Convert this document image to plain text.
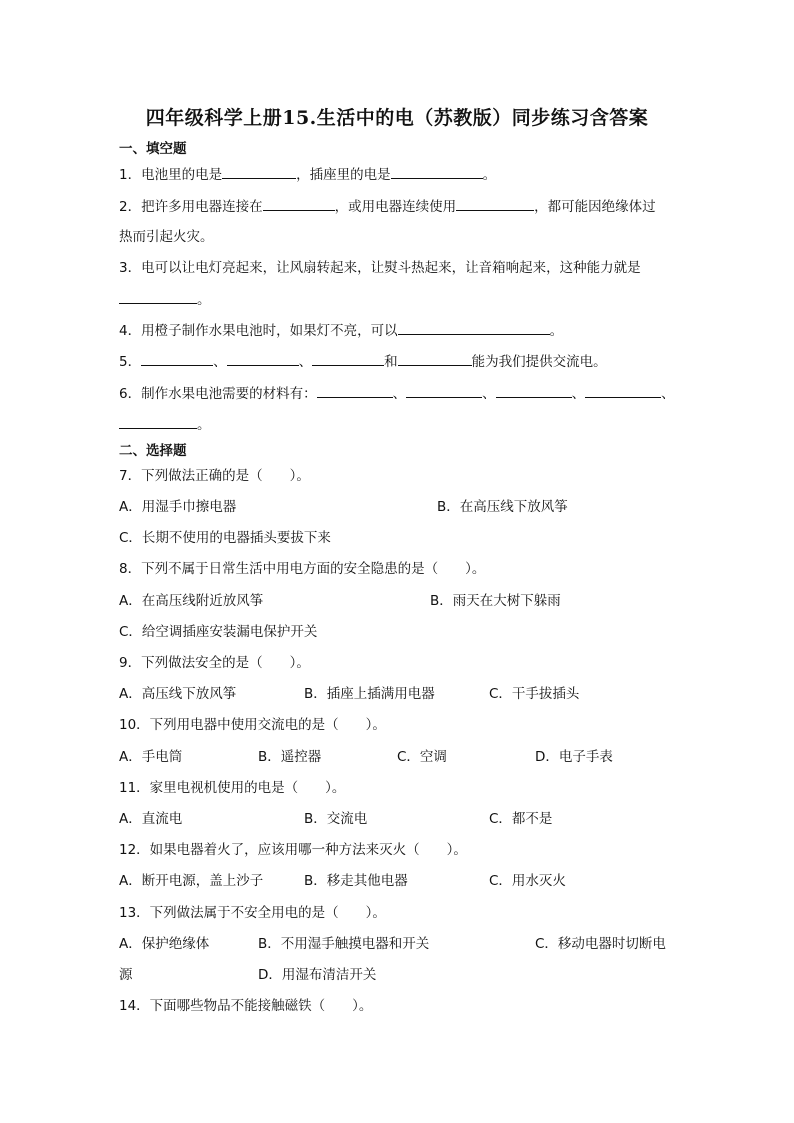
四年级科学上册15.生活中的电（苏教版）同步练习含答案
一、填空题
1．电池里的电是	，插座里的电是	。
2．把许多用电器连接在	，或用电器连续使用	，都可能因绝缘体过
热而引起火灾。
3．电可以让电灯亮起来，让风扇转起来，让熨斗热起来，让音箱响起来，这种能力就是
。
4．用橙子制作水果电池时，如果灯不亮，可以	。
5．	、	、	和	能为我们提供交流电。
6．制作水果电池需要的材料有：	、	、	、	、
。
二、选择题
7．下列做法正确的是（　　）。
A．用湿手巾擦电器	B．在高压线下放风筝
C．长期不使用的电器插头要拔下来
8．下列不属于日常生活中用电方面的安全隐患的是（　　）。
A．在高压线附近放风筝	B．雨天在大树下躲雨
C．给空调插座安装漏电保护开关
9．下列做法安全的是（　　）。
A．高压线下放风筝	B．插座上插满用电器	C．干手拔插头
10．下列用电器中使用交流电的是（　　）。
A．手电筒	B．遥控器	C．空调	D．电子手表
11．家里电视机使用的电是（　　）。
A．直流电	B．交流电	C．都不是
12．如果电器着火了，应该用哪一种方法来灭火（　　）。
A．断开电源，盖上沙子	B．移走其他电器	C．用水灭火
13．下列做法属于不安全用电的是（　　）。
A．保护绝缘体	B．不用湿手触摸电器和开关	C．移动电器时切断电
源	D．用湿布清洁开关
14．下面哪些物品不能接触磁铁（　　）。
